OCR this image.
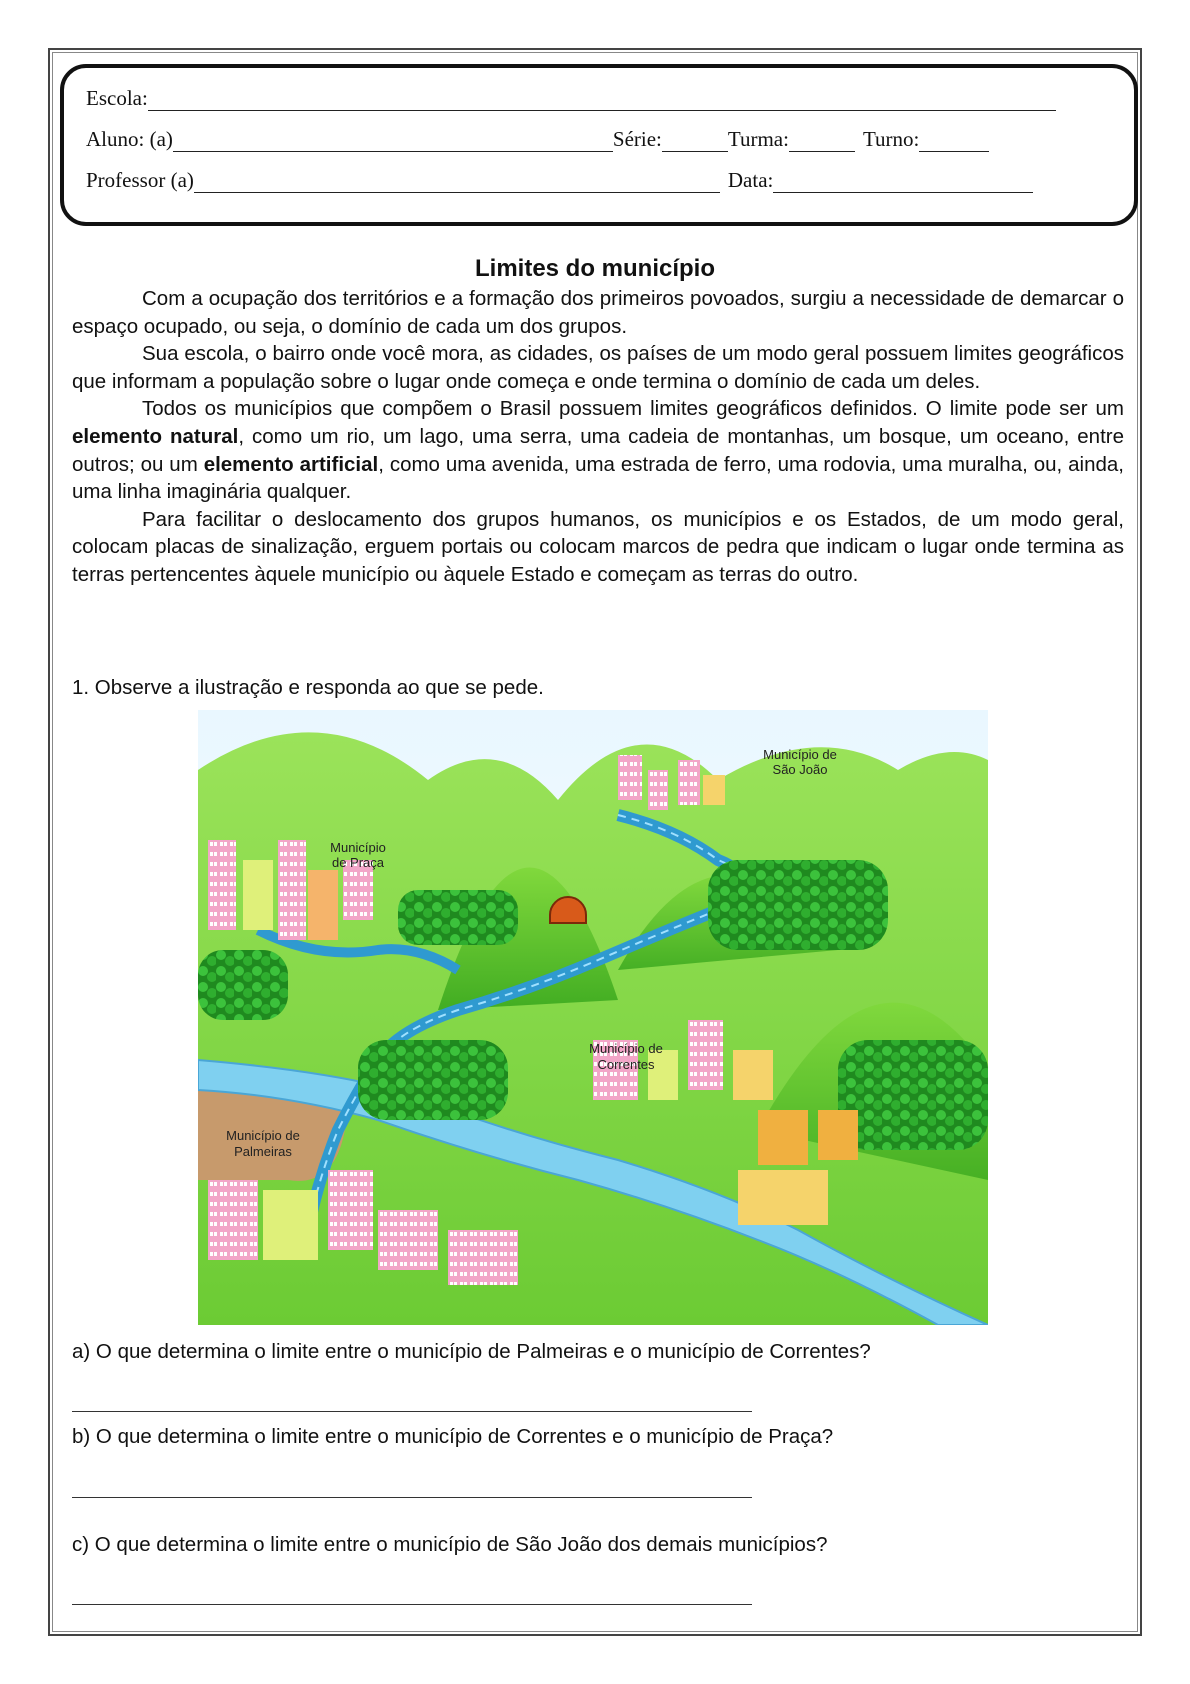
Escola:
Aluno: (a)	Série:	Turma:	Turno:
Professor (a)	Data:
Limites do município

Com a ocupação dos territórios e a formação dos primeiros povoados, surgiu a necessidade de demarcar o espaço ocupado, ou seja, o domínio de cada um dos grupos.

Sua escola, o bairro onde você mora, as cidades, os países de um modo geral possuem limites geográficos que informam a população sobre o lugar onde começa e onde termina o domínio de cada um deles.

Todos os municípios que compõem o Brasil possuem limites geográficos definidos. O limite pode ser um elemento natural, como um rio, um lago, uma serra, uma cadeia de montanhas, um bosque, um oceano, entre outros; ou um elemento artificial, como uma avenida, uma estrada de ferro, uma rodovia, uma muralha, ou, ainda, uma linha imaginária qualquer.

Para facilitar o deslocamento dos grupos humanos, os municípios e os Estados, de um modo geral, colocam placas de sinalização, erguem portais ou colocam marcos de pedra que indicam o lugar onde termina as terras pertencentes àquele município ou àquele Estado e começam as terras do outro.

1. Observe a ilustração e responda ao que se pede.
Município de
São João
Município
de Praça
Município de
Correntes
Município de
Palmeiras
a) O que determina o limite entre o município de Palmeiras e o município de Correntes?
b) O que determina o limite entre o município de Correntes e o município de Praça?
c) O que determina o limite entre o município de São João dos demais municípios?
